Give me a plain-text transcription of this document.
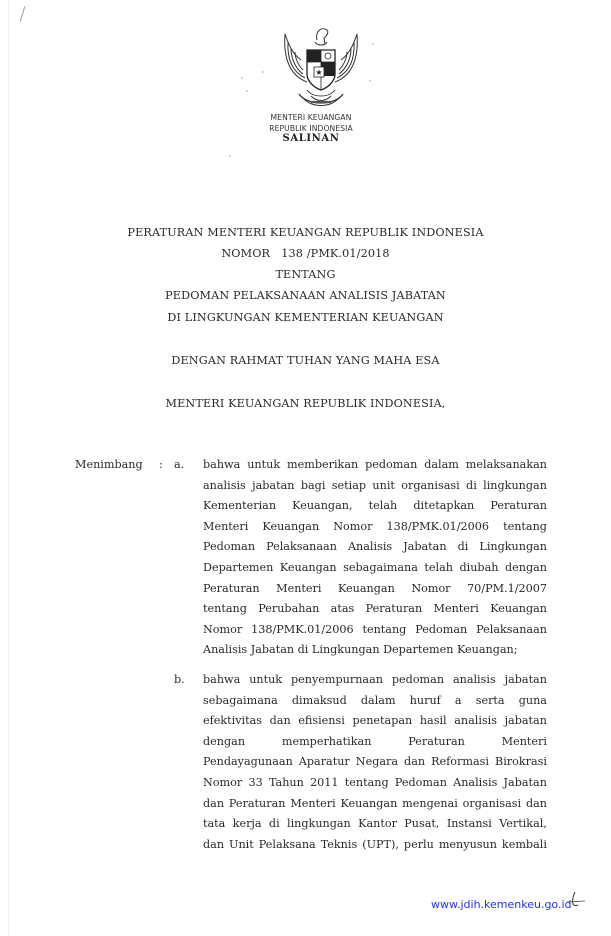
★
MENTERI KEUANGAN
REPUBLIK INDONESIA
SALINAN
PERATURAN MENTERI KEUANGAN REPUBLIK INDONESIA
NOMOR   138 /PMK.01/2018
TENTANG
PEDOMAN PELAKSANAAN ANALISIS JABATAN
DI LINGKUNGAN KEMENTERIAN KEUANGAN
DENGAN RAHMAT TUHAN YANG MAHA ESA
MENTERI KEUANGAN REPUBLIK INDONESIA,
Menimbang : a. bahwa untuk memberikan pedoman dalam melaksanakan
analisis jabatan bagi setiap unit organisasi di lingkungan
Kementerian Keuangan, telah ditetapkan Peraturan
Menteri Keuangan Nomor 138/PMK.01/2006 tentang
Pedoman Pelaksanaan Analisis Jabatan di Lingkungan
Departemen Keuangan sebagaimana telah diubah dengan
Peraturan Menteri Keuangan Nomor 70/PM.1/2007
tentang Perubahan atas Peraturan Menteri Keuangan
Nomor 138/PMK.01/2006 tentang Pedoman Pelaksanaan
Analisis Jabatan di Lingkungan Departemen Keuangan;
b. bahwa untuk penyempurnaan pedoman analisis jabatan
sebagaimana dimaksud dalam huruf a serta guna
efektivitas dan efisiensi penetapan hasil analisis jabatan
dengan	memperhatikan	Peraturan	Menteri
Pendayagunaan Aparatur Negara dan Reformasi Birokrasi
Nomor 33 Tahun 2011 tentang Pedoman Analisis Jabatan
dan Peraturan Menteri Keuangan mengenai organisasi dan
tata kerja di lingkungan Kantor Pusat, Instansi Vertikal,
dan Unit Pelaksana Teknis (UPT), perlu menyusun kembali
www.jdih.kemenkeu.go.id
